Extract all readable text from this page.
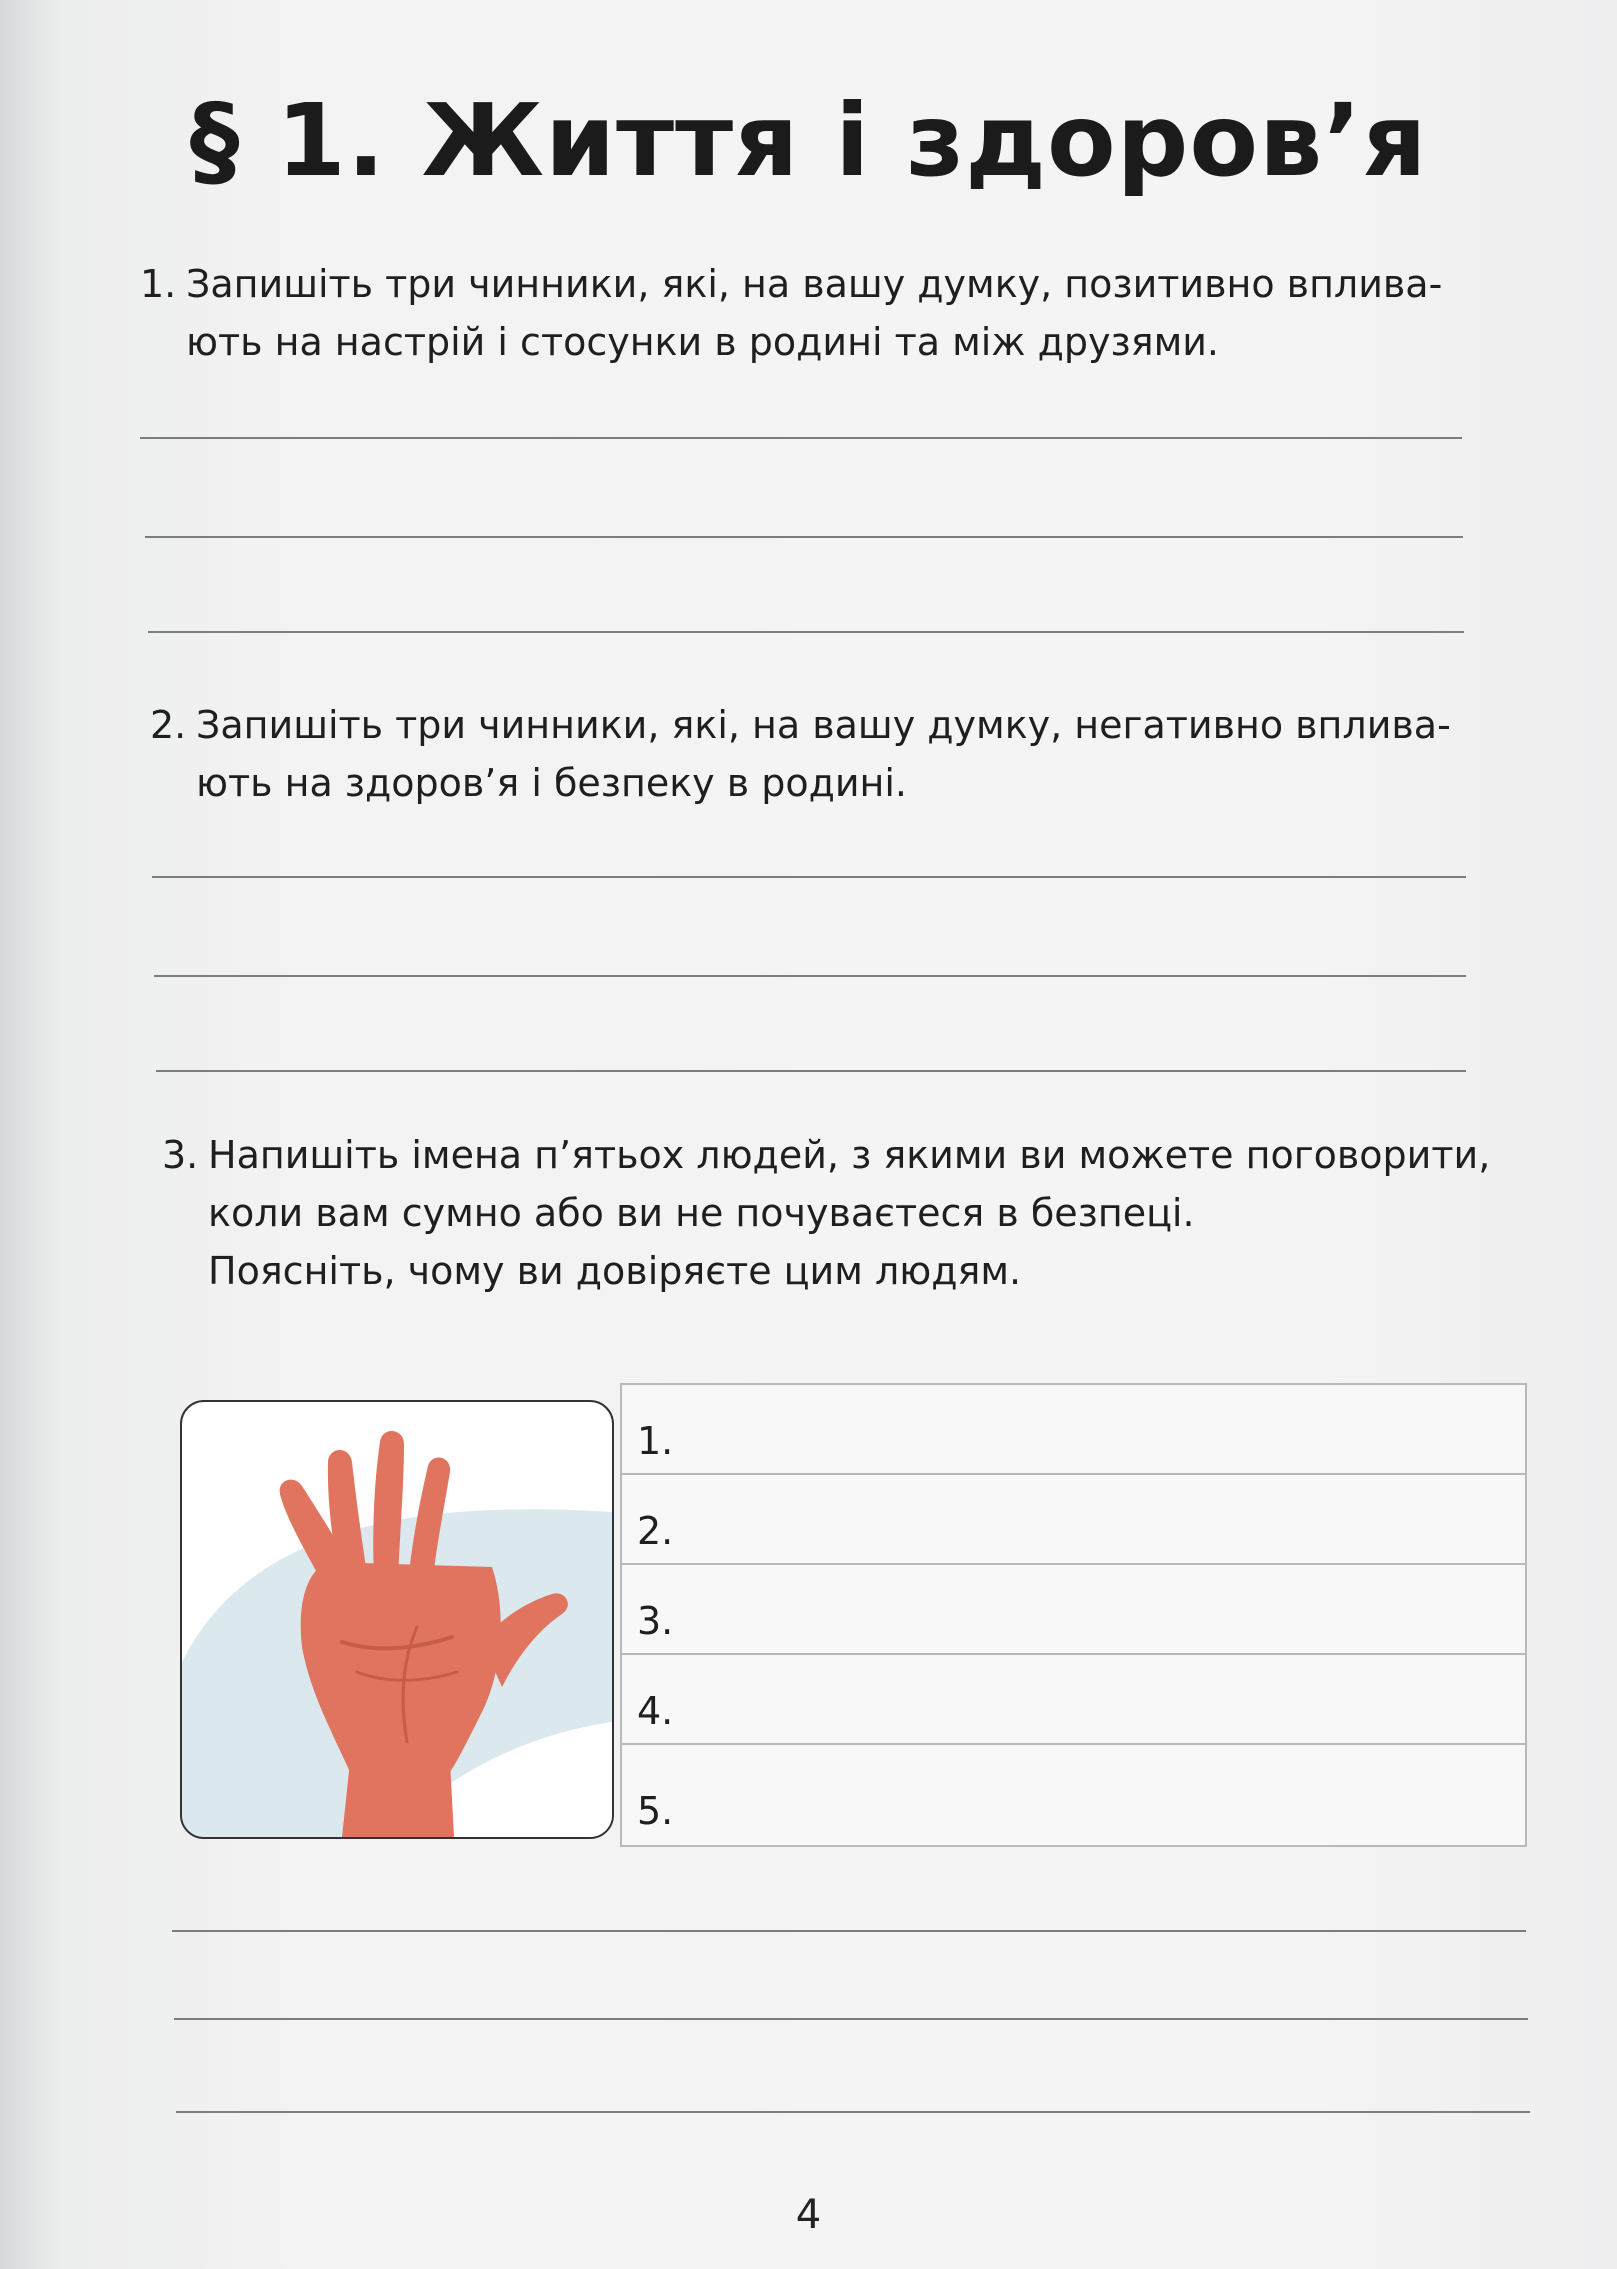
§ 1. Життя і здоров’я
1. Запишіть три чинники, які, на вашу думку, позитивно вплива-
ють на настрій і стосунки в родині та між друзями.
2. Запишіть три чинники, які, на вашу думку, негативно вплива-
ють на здоров’я і безпеку в родині.
3. Напишіть імена п’ятьох людей, з якими ви можете поговорити,
коли вам сумно або ви не почуваєтеся в безпеці.
Поясніть, чому ви довіряєте цим людям.
1.
2.
3.
4.
5.
4
